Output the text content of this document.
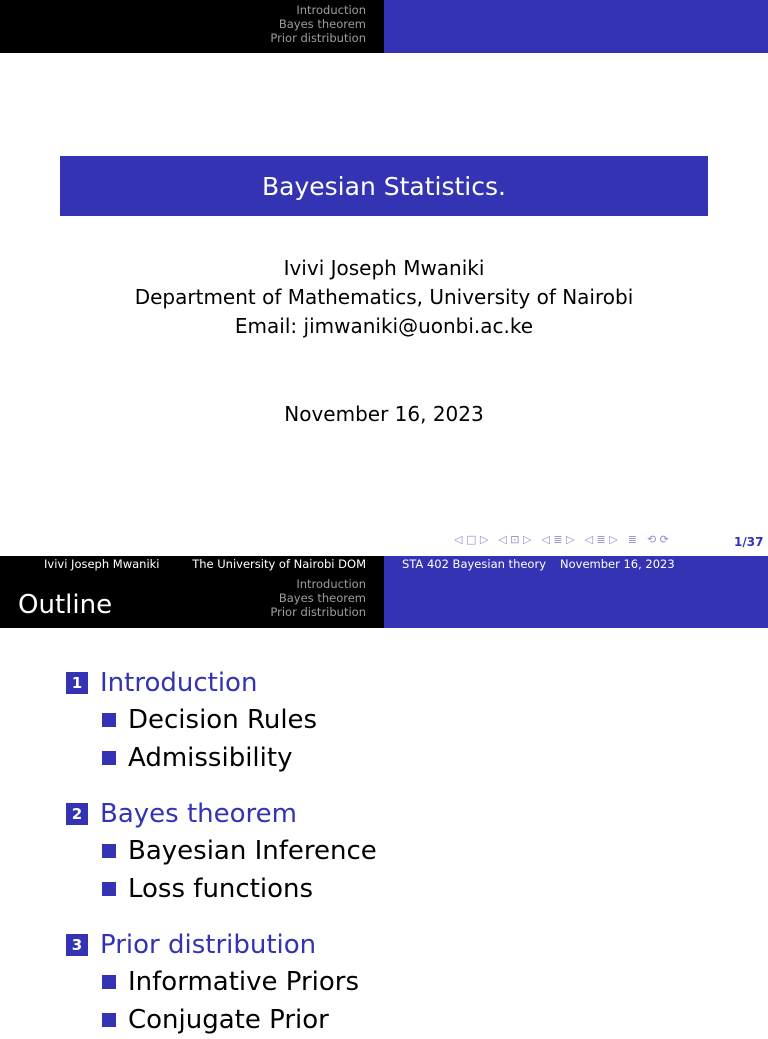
Introduction
Bayes theorem
Prior distribution
Bayesian Statistics.
Ivivi Joseph Mwaniki
Department of Mathematics, University of Nairobi
Email: jimwaniki@uonbi.ac.ke
November 16, 2023
◁ □ ▷ ◁ ⊡ ▷ ◁ ≣ ▷ ◁ ≣ ▷ ≣ ⟲ ⟳	1/37
Ivivi Joseph Mwaniki	The University of Nairobi DOM
Introduction
Bayes theorem
Prior distribution
STA 402 Bayesian theory November 16, 2023
Outline
1 Introduction
Decision Rules
Admissibility
2 Bayes theorem
Bayesian Inference
Loss functions
3 Prior distribution
Informative Priors
Conjugate Prior
